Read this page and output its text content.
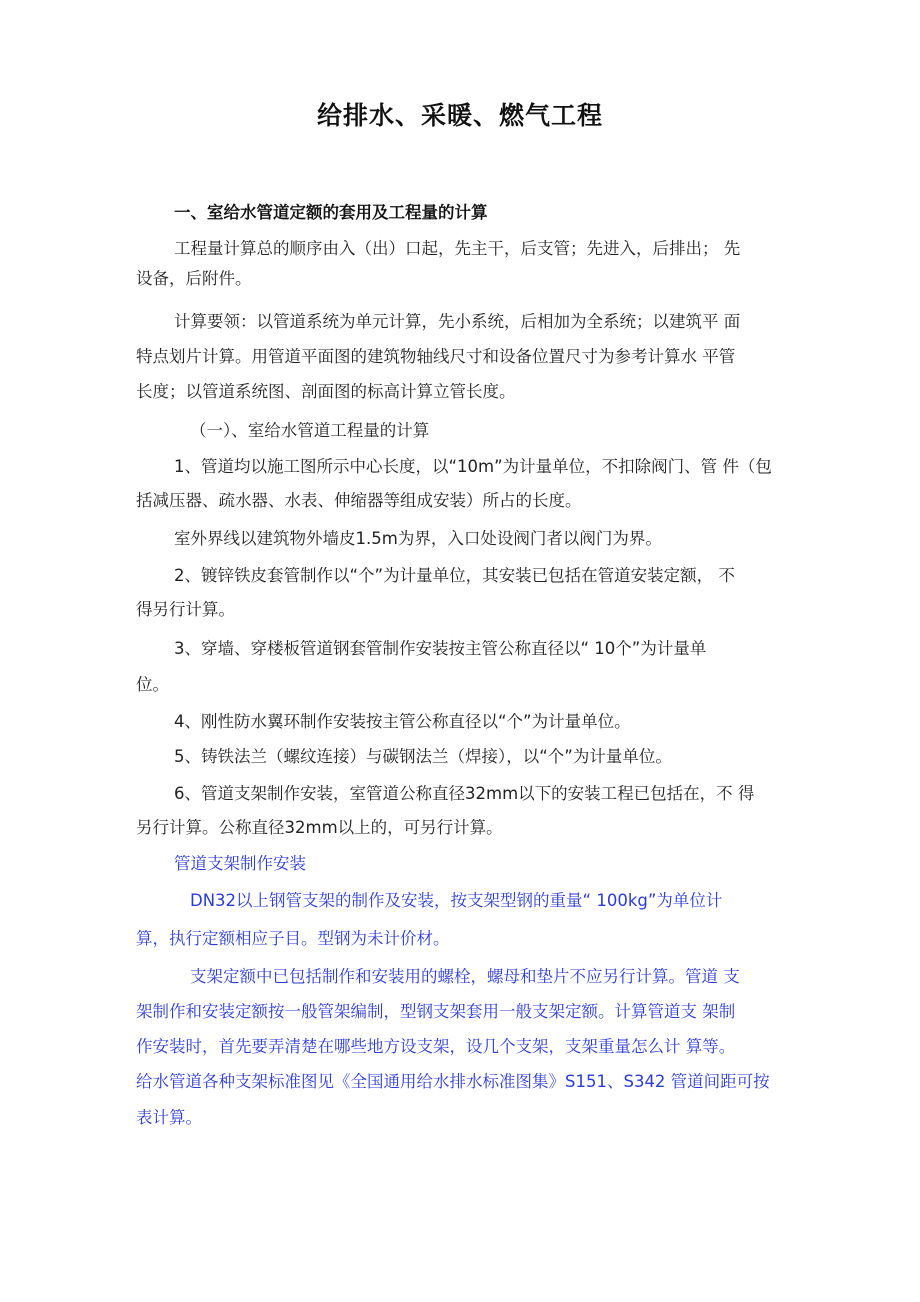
给排水、采暖、燃气工程
一、室给水管道定额的套用及工程量的计算
工程量计算总的顺序由入（出）口起，先主干，后支管；先进入，后排出； 先
设备，后附件。
计算要领：以管道系统为单元计算，先小系统，后相加为全系统；以建筑平 面
特点划片计算。用管道平面图的建筑物轴线尺寸和设备位置尺寸为参考计算水 平管
长度；以管道系统图、剖面图的标高计算立管长度。
（一）、室给水管道工程量的计算
1、管道均以施工图所示中心长度，以“10m”为计量单位，不扣除阀门、管 件（包
括减压器、疏水器、水表、伸缩器等组成安装）所占的长度。
室外界线以建筑物外墙皮1.5m为界，入口处设阀门者以阀门为界。
2、镀锌铁皮套管制作以“个”为计量单位，其安装已包括在管道安装定额， 不
得另行计算。
3、穿墙、穿楼板管道钢套管制作安装按主管公称直径以“ 10个”为计量单
位。
4、刚性防水翼环制作安装按主管公称直径以“个”为计量单位。
5、铸铁法兰（螺纹连接）与碳钢法兰（焊接），以“个”为计量单位。
6、管道支架制作安装，室管道公称直径32mm以下的安装工程已包括在，不 得
另行计算。公称直径32mm以上的，可另行计算。
管道支架制作安装
DN32以上钢管支架的制作及安装，按支架型钢的重量“ 100kg”为单位计
算，执行定额相应子目。型钢为未计价材。
支架定额中已包括制作和安装用的螺栓，螺母和垫片不应另行计算。管道 支
架制作和安装定额按一般管架编制，型钢支架套用一般支架定额。计算管道支 架制
作安装时，首先要弄清楚在哪些地方设支架，设几个支架，支架重量怎么计 算等。
给水管道各种支架标准图见《全国通用给水排水标准图集》S151、S342 管道间距可按
表计算。
